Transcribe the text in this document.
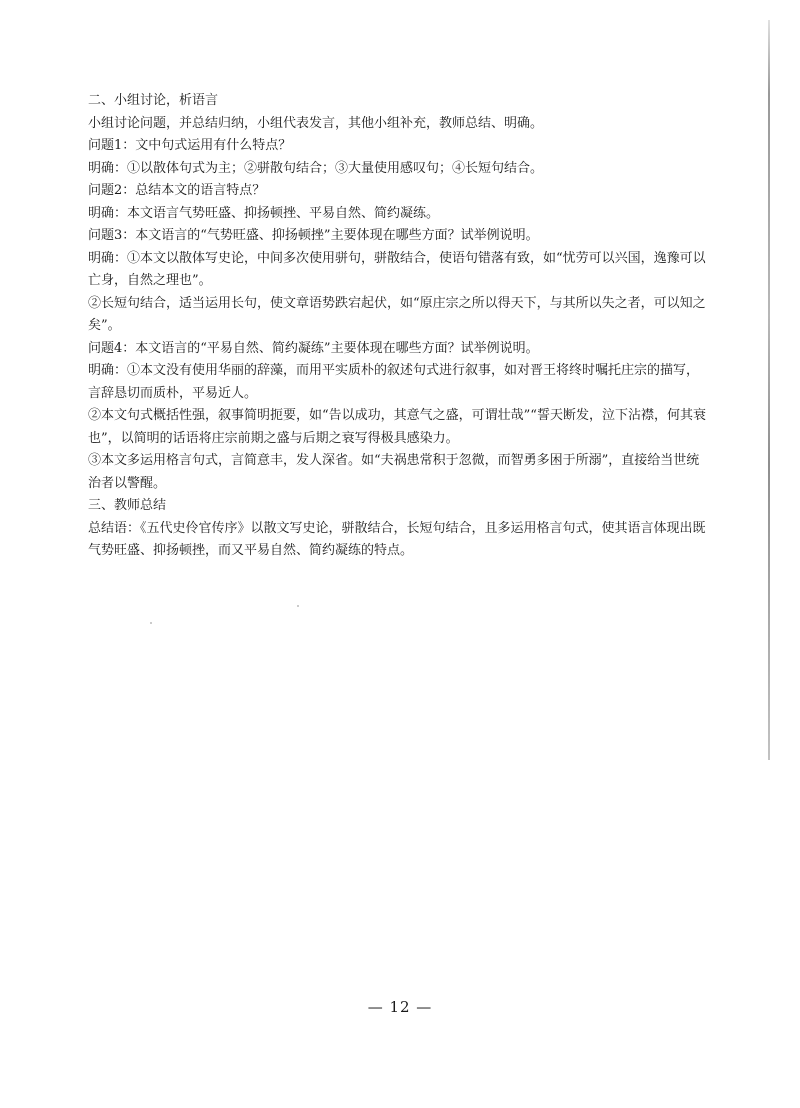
二、小组讨论，析语言

小组讨论问题，并总结归纳，小组代表发言，其他小组补充，教师总结、明确。

问题1：文中句式运用有什么特点？

明确：①以散体句式为主；②骈散句结合；③大量使用感叹句；④长短句结合。

问题2：总结本文的语言特点？

明确：本文语言气势旺盛、抑扬顿挫、平易自然、简约凝练。

问题3：本文语言的“气势旺盛、抑扬顿挫”主要体现在哪些方面？试举例说明。

明确：①本文以散体写史论，中间多次使用骈句，骈散结合，使语句错落有致，如“忧劳可以兴国，逸豫可以亡身，自然之理也”。

②长短句结合，适当运用长句，使文章语势跌宕起伏，如“原庄宗之所以得天下，与其所以失之者，可以知之矣”。

问题4：本文语言的“平易自然、简约凝练”主要体现在哪些方面？试举例说明。

明确：①本文没有使用华丽的辞藻，而用平实质朴的叙述句式进行叙事，如对晋王将终时嘱托庄宗的描写，言辞恳切而质朴，平易近人。

②本文句式概括性强，叙事简明扼要，如“告以成功，其意气之盛，可谓壮哉”“誓天断发，泣下沾襟，何其衰也”，以简明的话语将庄宗前期之盛与后期之衰写得极具感染力。

③本文多运用格言句式，言简意丰，发人深省。如“夫祸患常积于忽微，而智勇多困于所溺”，直接给当世统治者以警醒。

三、教师总结

总结语：《五代史伶官传序》以散文写史论，骈散结合，长短句结合，且多运用格言句式，使其语言体现出既气势旺盛、抑扬顿挫，而又平易自然、简约凝练的特点。

— 12 —
